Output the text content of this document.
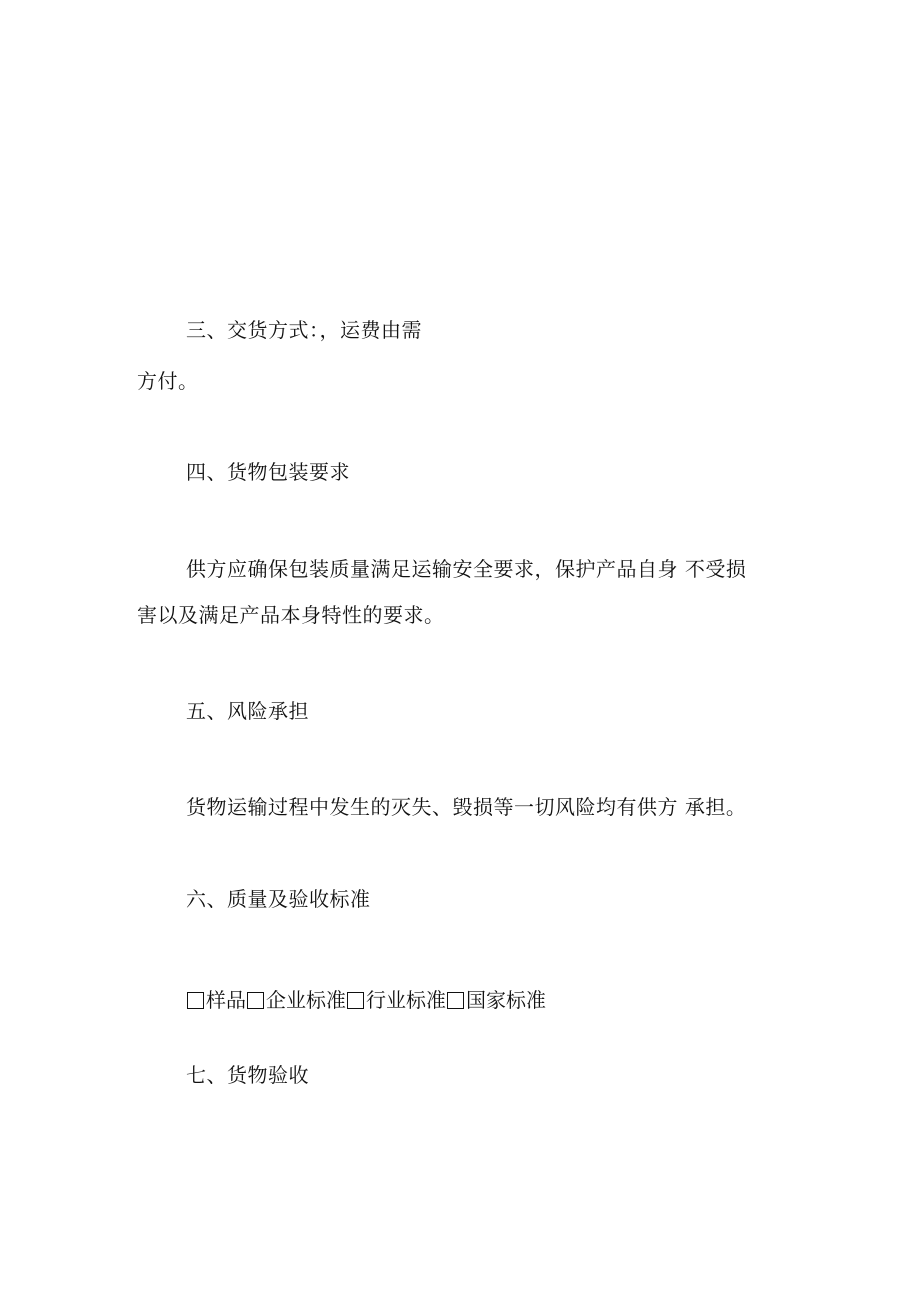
三、交货方式：，运费由需
方付。
四、货物包装要求
供方应确保包装质量满足运输安全要求，保护产品自身 不受损
害以及满足产品本身特性的要求。
五、风险承担
货物运输过程中发生的灭失、毁损等一切风险均有供方 承担。
六、质量及验收标准
样品 企业标准 行业标准 国家标准
七、货物验收
